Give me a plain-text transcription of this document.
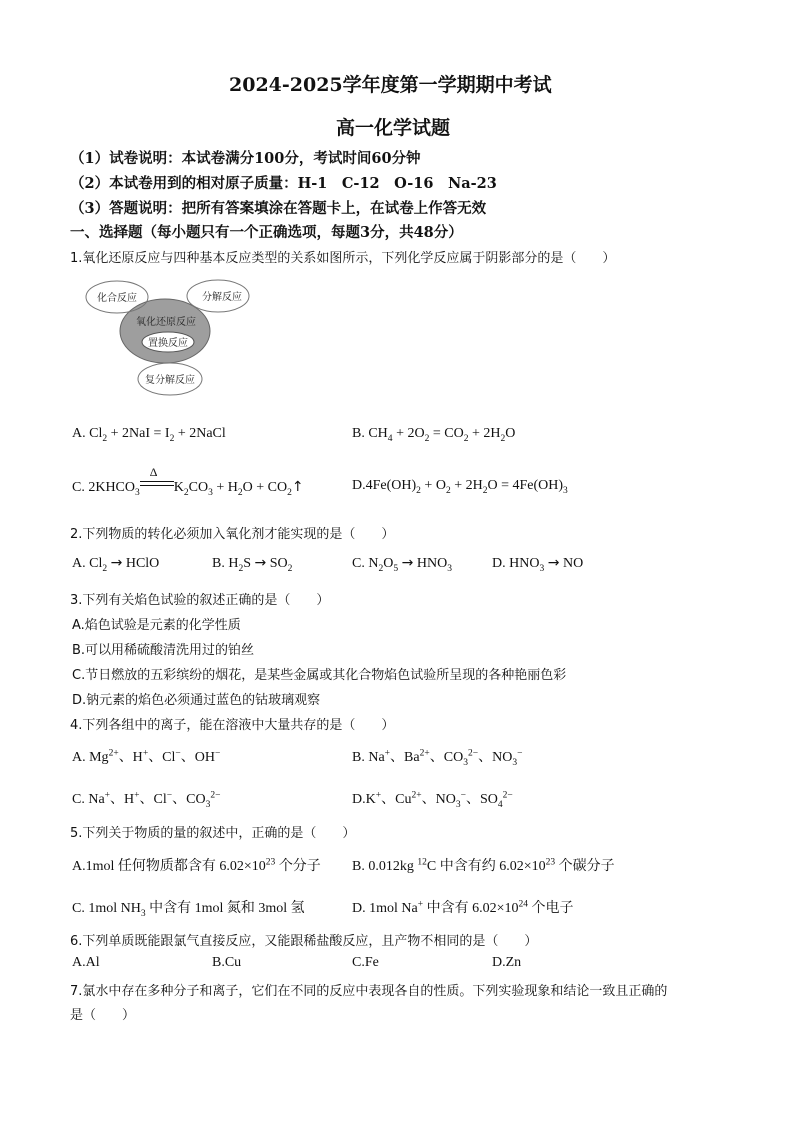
2024-2025学年度第一学期期中考试
高一化学试题
（1）试卷说明：本试卷满分100分，考试时间60分钟
（2）本试卷用到的相对原子质量：H-1　C-12　O-16　Na-23
（3）答题说明：把所有答案填涂在答题卡上，在试卷上作答无效
一、选择题（每小题只有一个正确选项，每题3分，共48分）
1.氧化还原反应与四种基本反应类型的关系如图所示，下列化学反应属于阴影部分的是（　　）
化合反应	分解反应
氧化还原反应
置换反应
复分解反应
A. $Cl_2 + 2NaI = I_2$ + 2NaCl	B. $CH_4 + 2O_2 = CO_2 + 2H_2O$
C. $2KHCO_3$
Δ
$K_2CO_3 + H_2O$ + $CO_2↑$	$D.4Fe(OH)_2 + O_2 + 2H_2O = 4Fe(OH)_3$
2.下列物质的转化必须加入氧化剂才能实现的是（　　）
A. $Cl_2$ → HClO	B. $H_2S \to SO_2$	C. $N_2O_5 \to HNO_3$	D. $HNO_3$ → NO
3.下列有关焰色试验的叙述正确的是（　　）
A.焰色试验是元素的化学性质
B.可以用稀硫酸清洗用过的铂丝
C.节日燃放的五彩缤纷的烟花，是某些金属或其化合物焰色试验所呈现的各种艳丽色彩
D.钠元素的焰色必须通过蓝色的钴玻璃观察
4.下列各组中的离子，能在溶液中大量共存的是（　　）
A. $Mg^{2+}$、H+、Cl−、OH−	B. Na+、$Ba^{2+}$、$CO_3^{2-}$、$NO_3^-$
C. Na+、H+、Cl−、$CO_3^{2-}$	D.K+、$Cu^{2+}$、$NO_3^-$、$SO_4^{2-}$
5.下列关于物质的量的叙述中，正确的是（　　）
A.1mol 任何物质都含有 $6.02\times 10^{23}$ 个分子 B. 0.012kg $^{12}$C 中含有约 $6.02\times 10^{23}$ 个碳分子
C. 1mol $NH_3$ 中含有 1mol 氮和 3mol 氢	D. 1mol Na+ 中含有 $6.02\times 10^{24}$ 个电子
6.下列单质既能跟氯气直接反应，又能跟稀盐酸反应，且产物不相同的是（　　）
A.Al	B.Cu	C.Fe	D.Zn
7.氯水中存在多种分子和离子，它们在不同的反应中表现各自的性质。下列实验现象和结论一致且正确的
是（　　）
